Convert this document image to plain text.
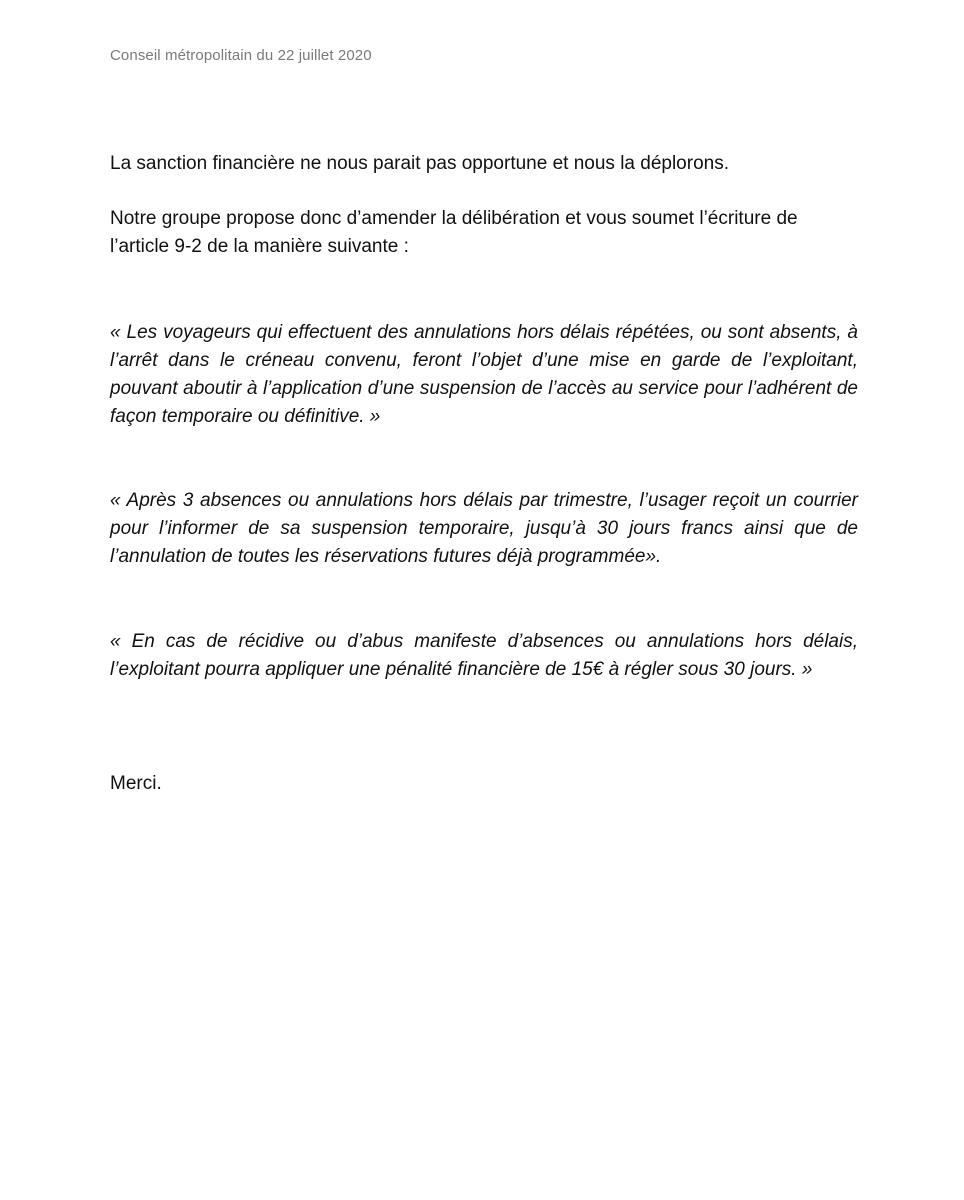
Conseil métropolitain du 22 juillet 2020

La sanction financière ne nous parait pas opportune et nous la déplorons.

Notre groupe propose donc d’amender la délibération et vous soumet l’écriture de l’article 9-2 de la manière suivante :

« Les voyageurs qui effectuent des annulations hors délais répétées, ou sont absents, à l’arrêt dans le créneau convenu, feront l’objet d’une mise en garde de l’exploitant, pouvant aboutir à l’application d’une suspension de l’accès au service pour l’adhérent de façon temporaire ou définitive. »

« Après 3 absences ou annulations hors délais par trimestre, l’usager reçoit un courrier pour l’informer de sa suspension temporaire, jusqu’à 30 jours francs ainsi que de l’annulation de toutes les réservations futures déjà programmée».

« En cas de récidive ou d’abus manifeste d’absences ou annulations hors délais, l’exploitant pourra appliquer une pénalité financière de 15€ à régler sous 30 jours. »

Merci.
